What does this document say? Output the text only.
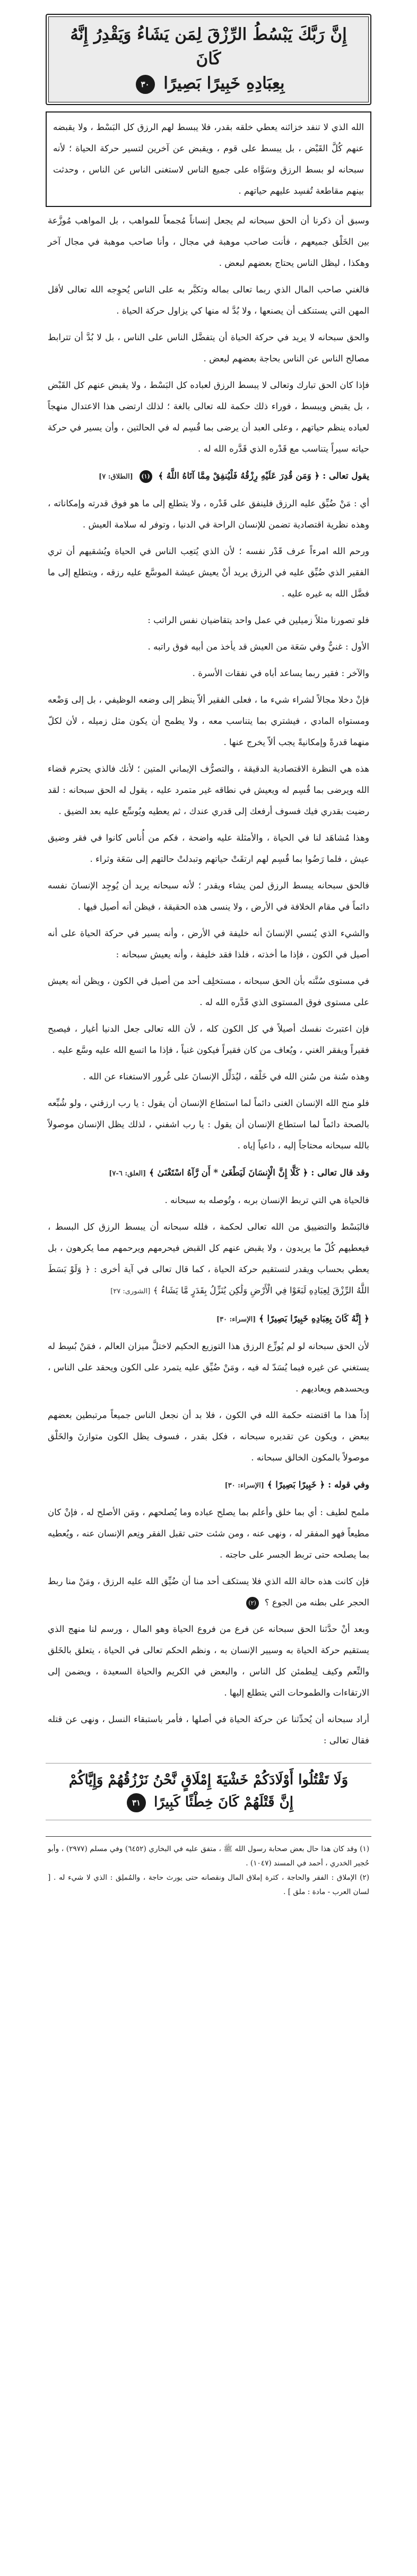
إِنَّ رَبَّكَ يَبْسُطُ الرِّزْقَ لِمَن يَشَاءُ وَيَقْدِرُ إِنَّهُ كَانَ
بِعِبَادِهِ خَبِيرًا بَصِيرًا ٣٠

الله الذي لا تنفد خزائنه يعطي خلقه بقدر، فلا يبسط لهم الرزق كل البَسْط ، ولا يقبضه عنهم كُلَّ القَبْض ، بل يبسط على قوم ، ويقبض عن آخرين لتسير حركة الحياة ؛ لأنه سبحانه لو بسط الرزق وسَوَّاه على جميع الناس لاستغنى الناس عن الناس ، وحدثت بينهم مقاطعة تُفسِد عليهم حياتهم .

وسبق أن ذكرنا أن الحق سبحانه لم يجعل إنساناً مُجمعاً للمواهب ، بل المواهب مُوزَّعة بين الخَلْق جميعهم ، فأنت صاحب موهبة في مجال ، وأنا صاحب موهبة في مجال آخر وهكذا ، ليظل الناس يحتاج بعضهم لبعض .

فالغني صاحب المال الذي ربما تعالى بماله وتكبَّر به على الناس يُحوِجه الله تعالى لأقل المهن التي يستنكف أن يصنعها ، ولا بُدَّ له منها كي يزاول حركة الحياة .

والحق سبحانه لا يريد في حركة الحياة أن يتفضَّل الناس على الناس ، بل لا بُدَّ أن تترابط مصالح الناس عن الناس بحاجة بعضهم لبعض .

فإذا كان الحق تبارك وتعالى لا يبسط الرزق لعباده كل البَسْط ، ولا يقبض عنهم كل القَبْض ، بل يقبض ويبسط ، فوراء ذلك حكمة لله تعالى بالغة ؛ لذلك ارتضى هذا الاعتدال منهجاً لعباده ينظم حياتهم ، وعلى العبد أن يرضى بما قُسِم له في الحالتين ، وأن يسير في حركة حياته سيراً يتناسب مع قَدْره الذي قَدَّره الله له .

يقول تعالى : ﴿ وَمَن قُدِرَ عَلَيْهِ رِزْقُهُ فَلْيُنفِقْ مِمَّا آتَاهُ اللَّهُ ﴾ (١) [الطلاق: ٧]

أي : مَنْ ضُيِّق عليه الرزق فلينفق على قَدْره ، ولا يتطلع إلى ما هو فوق قدرته وإمكاناته ، وهذه نظرية اقتصادية تضمن للإنسان الراحة في الدنيا ، وتوفر له سلامة العيش .

ورحم الله امرءاً عرف قَدْر نفسه ؛ لأن الذي يُتعِب الناس في الحياة ويُشقيهم أن تري الفقير الذي ضُيِّق عليه في الرزق يريد أنْ يعيش عيشة الموسَّع عليه رزقه ، ويتطلع إلى ما فضَّل الله به غيره عليه .

فلو تصورنا مثلاً زميلين في عمل واحد يتقاضيان نفس الراتب :

الأول : غنيٌّ وفي سَعَة من العيش قد يأخذ من أبيه فوق راتبه .

والآخر : فقير ربما يساعد أباه في نفقات الأسرة .

فإنْ دخلا مجالاً لشراء شيء ما ، فعلى الفقير ألاّ ينظر إلى وضعه الوظيفي ، بل إلى وَضْعه ومستواه المادي ، فيشتري بما يتناسب معه ، ولا يطمح أن يكون مثل زميله ، لأن لكلّ منهما قدرةً وإمكانيةً يجب ألاّ يخرج عنها .

هذه هي النظرة الاقتصادية الدقيقة ، والتصرُّف الإيماني المتين ؛ لأنك فالذي يحترم قضاء الله ويرضى بما قُسِم له ويعيش في نطاقه غير متمرد عليه ، يقول له الحق سبحانه : لقد رضيت بقدري فيك فسوف أرفعك إلى قدري عندك ، ثم يعطيه ويُوسِّع عليه بعد الضيق .

وهذا مُشاهَد لنا في الحياة ، والأمثلة عليه واضحة ، فكم من أُناس كانوا في فقر وضيق عيش ، فلما رَضُوا بما قُسِم لهم ارتقَتْ حياتهم وتبدلتْ حالتهم إلى سَعَة وثراء .

فالحق سبحانه يبسط الرزق لمن يشاء ويقدر ؛ لأنه سبحانه يريد أن يُوجِد الإنسانَ نفسه دائماً في مقام الخلافة في الأرض ، ولا ينسى هذه الحقيقة ، فيظن أنه أصيل فيها .

والشيء الذي يُنسي الإنسانَ أنه خليفة في الأرض ، وأنه يسير في حركة الحياة على أنه أصيل في الكون ، فإذا ما أخذته ، فلذا فقد خليفة ، وأنه يعيش سبحانه :

في مستوى سُنَّته بأن الحق سبحانه ، مستخلِف أحد من أصيل في الكون ، ويظن أنه يعيش على مستوى فوق المستوى الذي قَدَّره الله له .

فإن اعتبرتَ نفسك أصيلاً في كل الكون كله ، لأن الله تعالى جعل الدنيا أغيار ، فيصبح فقيراً ويفقر الغني ، ويُعاف من كان فقيراً فيكون غنياً ، فإذا ما اتسع الله عليه وسَّع عليه .

وهذه سُنة من سُنن الله في خَلْقه ، ليُدَلِّل الإنسانَ على غُرور الاستغناء عن الله .

فلو منح الله الإنسان الغنى دائماً لما استطاع الإنسان أن يقول : يا رب ارزقني ، ولو شُبِّعه بالصحة دائماً لما استطاع الإنسان أن يقول : يا رب اشفني ، لذلك يظل الإنسان موصولاً بالله سبحانه محتاجاً إليه ، داعياً إياه .

وقد قال تعالى : ﴿ كَلَّا إِنَّ الْإِنسَانَ لَيَطْغَىٰ * أَن رَّآهُ اسْتَغْنَىٰ ﴾ [العلق: ٦-٧]

فالحياة هي التي تربط الإنسان بربه ، وتُوصله به سبحانه .

فالبَسْط والتضييق من الله تعالى لحكمة ، فلله سبحانه أن يبسط الرزق كل البسط ، فيعطيهم كُلّ ما يريدون ، ولا يقبض عنهم كل القبض فيحرمهم ويرحمهم مما يكرهون ، بل يعطي بحساب ويقدر لتستقيم حركة الحياة ، كما قال تعالى في آية أخرى : ﴿ وَلَوْ بَسَطَ اللَّهُ الرِّزْقَ لِعِبَادِهِ لَبَغَوْا فِي الْأَرْضِ وَلَٰكِن يُنَزِّلُ بِقَدَرٍ مَّا يَشَاءُ ﴾ [الشورى: ٢٧]

﴿ إِنَّهُ كَانَ بِعِبَادِهِ خَبِيرًا بَصِيرًا ﴾ [الإسراء: ٣٠]

لأن الحق سبحانه لو لم يُوزِّع الرزق هذا التوزيع الحكيم لاختلَّ ميزان العالم ، فمَنْ بُسِط له يستغني عن غيره فيما يُسَدّ له فيه ، ومَنْ ضُيِّق عليه يتمرد على الكون ويحقد على الناس ، ويحسدهم ويعاديهم .

إذاً هذا ما اقتضته حكمة الله في الكون ، فلا بد أن نجعل الناس جميعاً مرتبطين بعضهم ببعض ، ويكون عن تقديره سبحانه ، فكل بقدر ، فسوف يظل الكون متوازنَ والخَلْق موصولاً بالمكون الخالق سبحانه .

وفي قوله : ﴿ خَبِيرًا بَصِيرًا ﴾ [الإسراء: ٣٠]

ملمح لطيف : أي بما خلق وأعلم بما يصلح عباده وما يُصلحهم ، ومَن الأصلح له ، فإنْ كان مطيعاً فهو المفقر له ، ونهى عنه ، ومن شئت حتى تقبل الفقر ونِعم الإنسان عنه ، ويُعطيه بما يصلحه حتى تربط الجسر على حاجته .

فإن كانت هذه حالة الله الذي فلا يستكف أحد منا أن ضُيِّق الله عليه الرزق ، ومَنْ منا ربط الحجر على بطنه من الجوع ؟ (٢)

وبعد أنْ حدَّثنا الحق سبحانه عن فرع من فروع الحياة وهو المال ، ورسم لنا منهج الذي يستقيم حركة الحياة به وسيير الإنسان به ، ونظم الحكم تعالى في الحياة ، يتعلق بالخَلق والنِّعم وكيف لِيطمئن كل الناس ، والبعض في الكريم والحياة السعيدة ، ويضمن إلى الارتقاءات والطموحات التي يتطلع إليها .

أراد سبحانه أن يُحدِّثنا عن حركة الحياة في أصلها ، فأمر باستبقاء النسل ، ونهى عن قتله فقال تعالى :

وَلَا تَقْتُلُوا أَوْلَادَكُمْ خَشْيَةَ إِمْلَاقٍ نَّحْنُ نَرْزُقُهُمْ وَإِيَّاكُمْ
إِنَّ قَتْلَهُمْ كَانَ خِطْئًا كَبِيرًا ٣١

(١) وقد كان هذا حال بعض صحابة رسول الله ﷺ ، متفق عليه في البخاري (٦٤٥٢) وفي مسلم (٢٩٧٧) ، وأبو حُجير الخدري ، أحمد في المسند (١٠٤٧) .

(٢) الإملاق : الفقر والحاجة ، كثرة إملاق المال ونقصانه حتى يورث حاجة ، والمُملِق : الذي لا شيء له . [ لسان العرب - مادة : ملق ] .
